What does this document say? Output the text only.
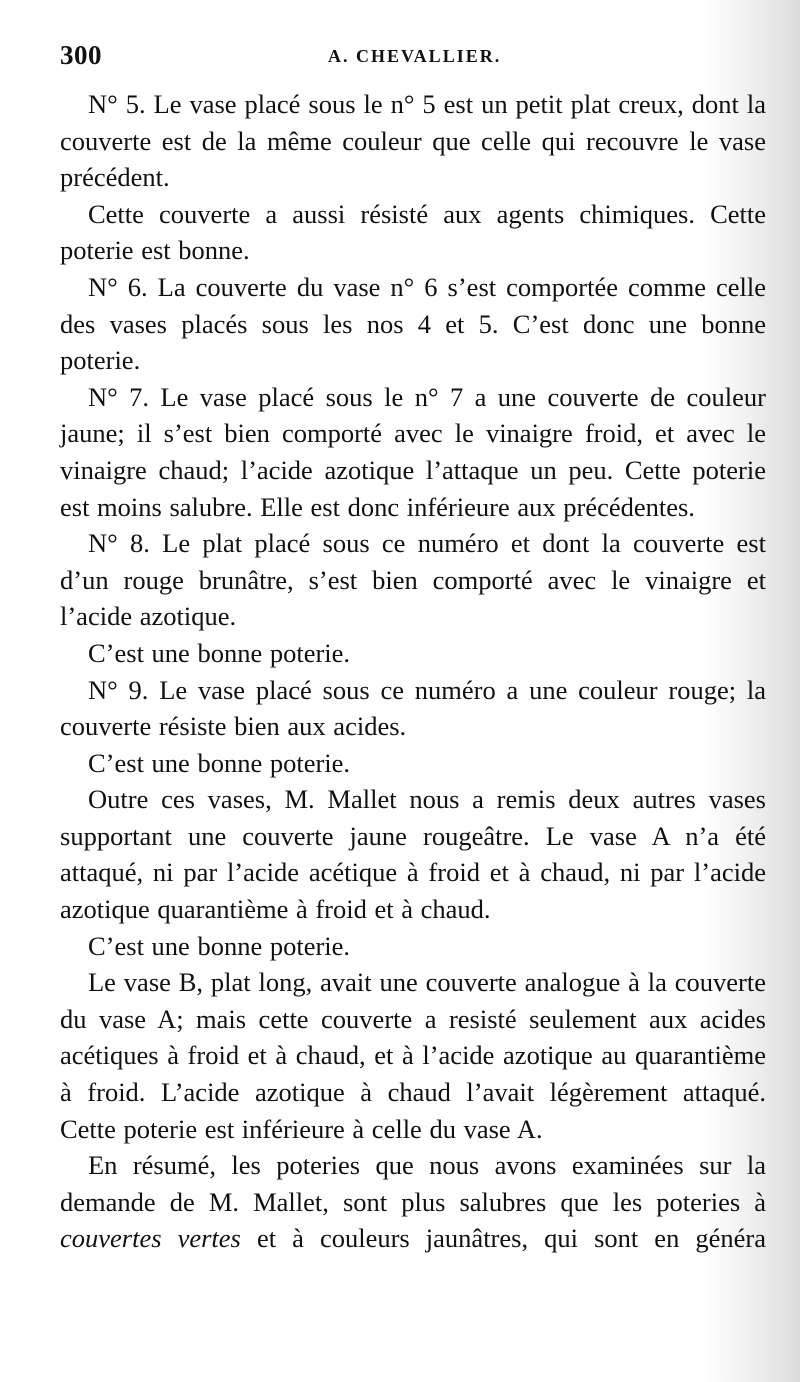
300	A. CHEVALLIER.

N° 5. Le vase placé sous le n° 5 est un petit plat creux, dont la couverte est de la même couleur que celle qui recouvre le vase précédent.

Cette couverte a aussi résisté aux agents chimiques. Cette poterie est bonne.

N° 6. La couverte du vase n° 6 s’est comportée comme celle des vases placés sous les nos 4 et 5. C’est donc une bonne poterie.

N° 7. Le vase placé sous le n° 7 a une couverte de couleur jaune; il s’est bien comporté avec le vinaigre froid, et avec le vinaigre chaud; l’acide azotique l’attaque un peu. Cette poterie est moins salubre. Elle est donc inférieure aux précédentes.

N° 8. Le plat placé sous ce numéro et dont la couverte est d’un rouge brunâtre, s’est bien comporté avec le vinaigre et l’acide azotique.

C’est une bonne poterie.

N° 9. Le vase placé sous ce numéro a une couleur rouge; la couverte résiste bien aux acides.

C’est une bonne poterie.

Outre ces vases, M. Mallet nous a remis deux autres vases supportant une couverte jaune rougeâtre. Le vase A n’a été attaqué, ni par l’acide acétique à froid et à chaud, ni par l’acide azotique quarantième à froid et à chaud.

C’est une bonne poterie.

Le vase B, plat long, avait une couverte analogue à la couverte du vase A; mais cette couverte a resisté seulement aux acides acétiques à froid et à chaud, et à l’acide azotique au quarantième à froid. L’acide azotique à chaud l’avait légèrement attaqué. Cette poterie est inférieure à celle du vase A.

En résumé, les poteries que nous avons examinées sur la demande de M. Mallet, sont plus salubres que les poteries à couvertes vertes et à couleurs jaunâtres, qui sont en généra
